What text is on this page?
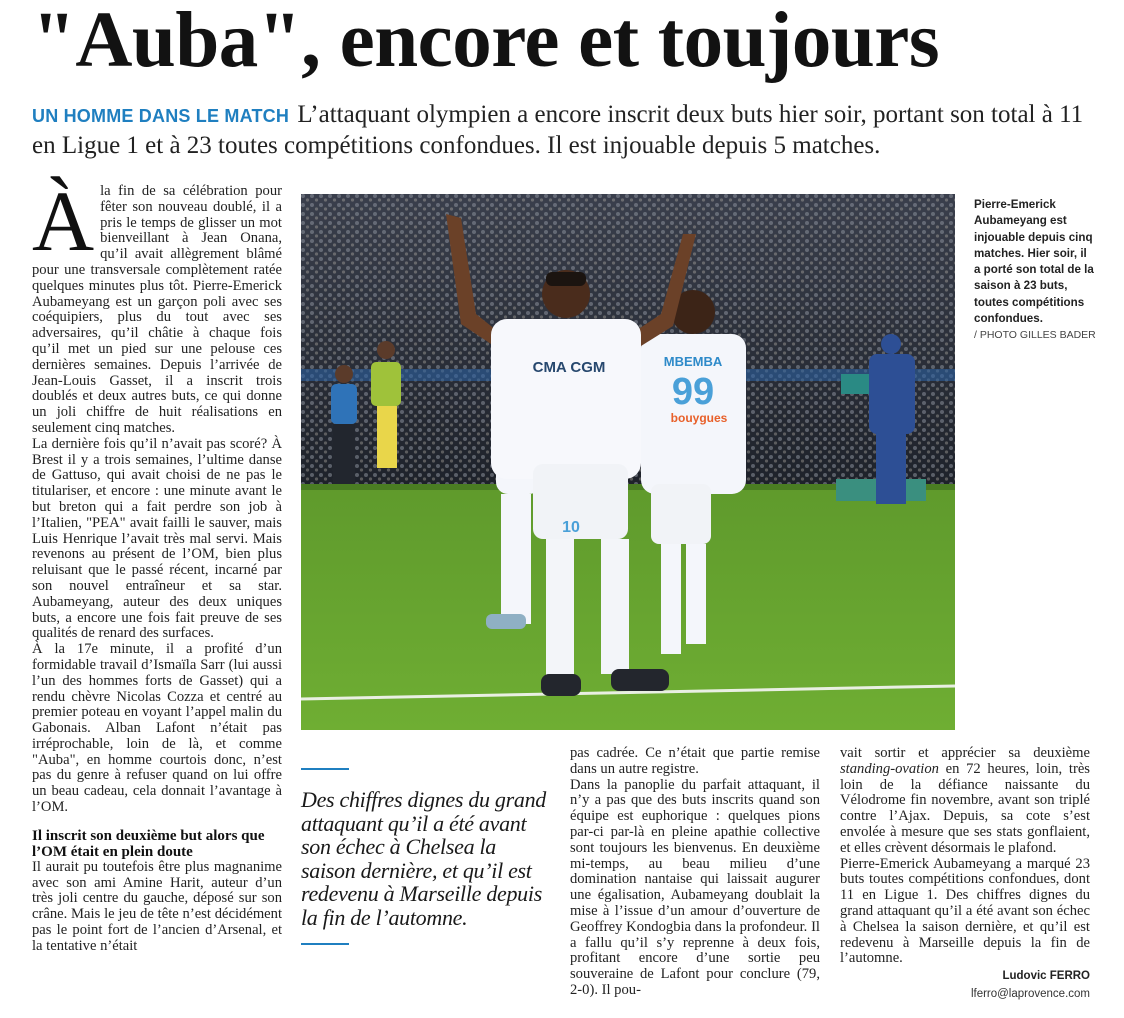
"Auba", encore et toujours
UN HOMME DANS LE MATCH L’attaquant olympien a encore inscrit deux buts hier soir, portant son total à 11 en Ligue 1 et à 23 toutes compétitions confondues. Il est injouable depuis 5 matches.
À la fin de sa célébration pour fêter son nouveau doublé, il a pris le temps de glisser un mot bienveillant à Jean Onana, qu’il avait allègrement blâmé pour une transversale complètement ratée quelques minutes plus tôt. Pierre-Emerick Aubameyang est un garçon poli avec ses coéquipiers, plus du tout avec ses adversaires, qu’il châtie à chaque fois qu’il met un pied sur une pelouse ces dernières semaines. Depuis l’arrivée de Jean-Louis Gasset, il a inscrit trois doublés et deux autres buts, ce qui donne un joli chiffre de huit réalisations en seulement cinq matches.

La dernière fois qu’il n’avait pas scoré? À Brest il y a trois semaines, l’ultime danse de Gattuso, qui avait choisi de ne pas le titulariser, et encore : une minute avant le but breton qui a fait perdre son job à l’Italien, "PEA" avait failli le sauver, mais Luis Henrique l’avait très mal servi. Mais revenons au présent de l’OM, bien plus reluisant que le passé récent, incarné par son nouvel entraîneur et sa star. Aubameyang, auteur des deux uniques buts, a encore une fois fait preuve de ses qualités de renard des surfaces.

À la 17e minute, il a profité d’un formidable travail d’Ismaïla Sarr (lui aussi l’un des hommes forts de Gasset) qui a rendu chèvre Nicolas Cozza et centré au premier poteau en voyant l’appel malin du Gabonais. Alban Lafont n’était pas irréprochable, loin de là, et comme "Auba", en homme courtois donc, n’est pas du genre à refuser quand on lui offre un beau cadeau, cela donnait l’avantage à l’OM.

Il inscrit son deuxième but alors que l’OM était en plein doute

Il aurait pu toutefois être plus magnanime avec son ami Amine Harit, auteur d’un très joli centre du gauche, déposé sur son crâne. Mais le jeu de tête n’est décidément pas le point fort de l’ancien d’Arsenal, et la tentative n’était

MBEMBA
99
bouygues
CMA CGM
10
Pierre-Emerick Aubameyang est injouable depuis cinq matches. Hier soir, il a porté son total de la saison à 23 buts, toutes compétitions confondues.
/ PHOTO GILLES BADER
Des chiffres dignes du grand attaquant qu’il a été avant son échec à Chelsea la saison dernière, et qu’il est redevenu à Marseille depuis la fin de l’automne.

pas cadrée. Ce n’était que partie remise dans un autre registre.

Dans la panoplie du parfait attaquant, il n’y a pas que des buts inscrits quand son équipe est euphorique : quelques pions par-ci par-là en pleine apathie collective sont toujours les bienvenus. En deuxième mi-temps, au beau milieu d’une domination nantaise qui laissait augurer une égalisation, Aubameyang doublait la mise à l’issue d’un amour d’ouverture de Geoffrey Kondogbia dans la profondeur. Il a fallu qu’il s’y reprenne à deux fois, profitant encore d’une sortie peu souveraine de Lafont pour conclure (79, 2-0). Il pou-

vait sortir et apprécier sa deuxième standing-ovation en 72 heures, loin, très loin de la défiance naissante du Vélodrome fin novembre, avant son triplé contre l’Ajax. Depuis, sa cote s’est envolée à mesure que ses stats gonflaient, et elles crèvent désormais le plafond.

Pierre-Emerick Aubameyang a marqué 23 buts toutes compétitions confondues, dont 11 en Ligue 1. Des chiffres dignes du grand attaquant qu’il a été avant son échec à Chelsea la saison dernière, et qu’il est redevenu à Marseille depuis la fin de l’automne.

Ludovic FERRO
lferro@laprovence.com
